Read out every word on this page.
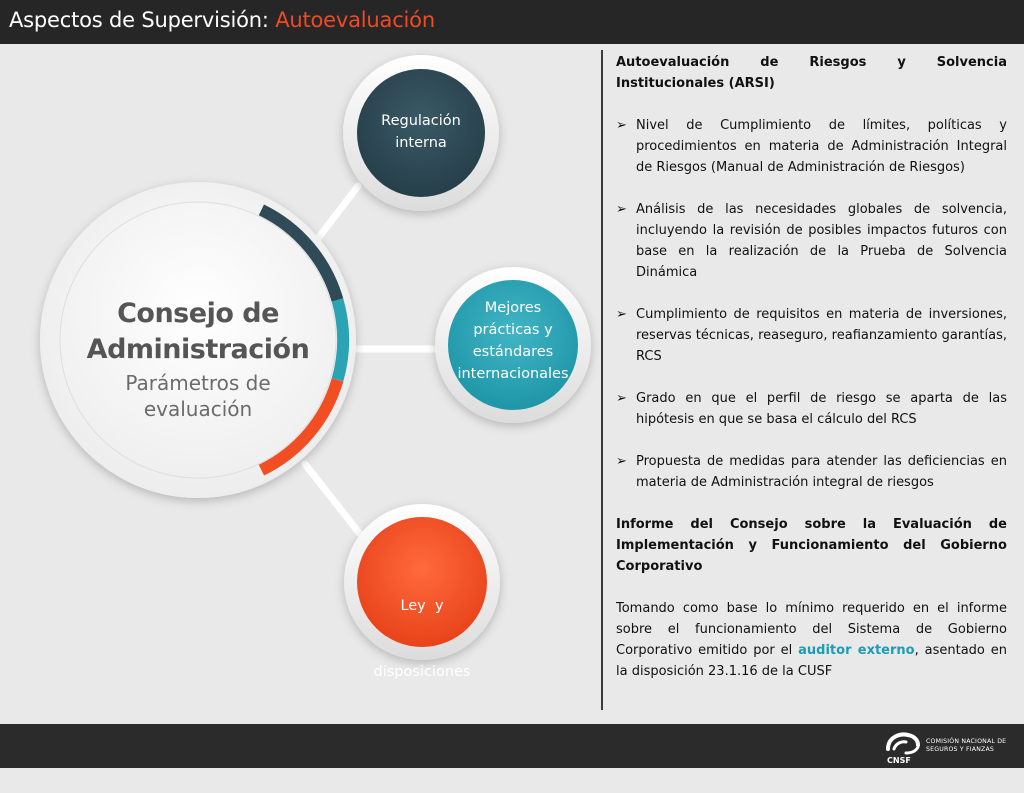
Aspectos de Supervisión: Autoevaluación
Consejo de
Administración
Parámetros de
evaluación
Regulación
interna
Mejores
prácticas y
estándares
internacionales

Ley  y

disposiciones

Autoevaluación de Riesgos y Solvencia Institucionales (ARSI)

➢ Nivel de Cumplimiento de límites, políticas y procedimientos en materia de Administración Integral de Riesgos (Manual de Administración de Riesgos)
➢ Análisis de las necesidades globales de solvencia, incluyendo la revisión de posibles impactos futuros con base en la realización de la Prueba de Solvencia Dinámica
➢ Cumplimiento de requisitos en materia de inversiones, reservas técnicas, reaseguro, reafianzamiento garantías, RCS
➢ Grado en que el perfil de riesgo se aparta de las hipótesis en que se basa el cálculo del RCS
➢ Propuesta de medidas para atender las deficiencias en materia de Administración integral de riesgos

Informe del Consejo sobre la Evaluación de Implementación y Funcionamiento del Gobierno Corporativo

Tomando como base lo mínimo requerido en el informe sobre el funcionamiento del Sistema de Gobierno Corporativo emitido por el auditor externo, asentado en la disposición 23.1.16 de la CUSF

CNSF
COMISIÓN NACIONAL DE
SEGUROS Y FIANZAS
